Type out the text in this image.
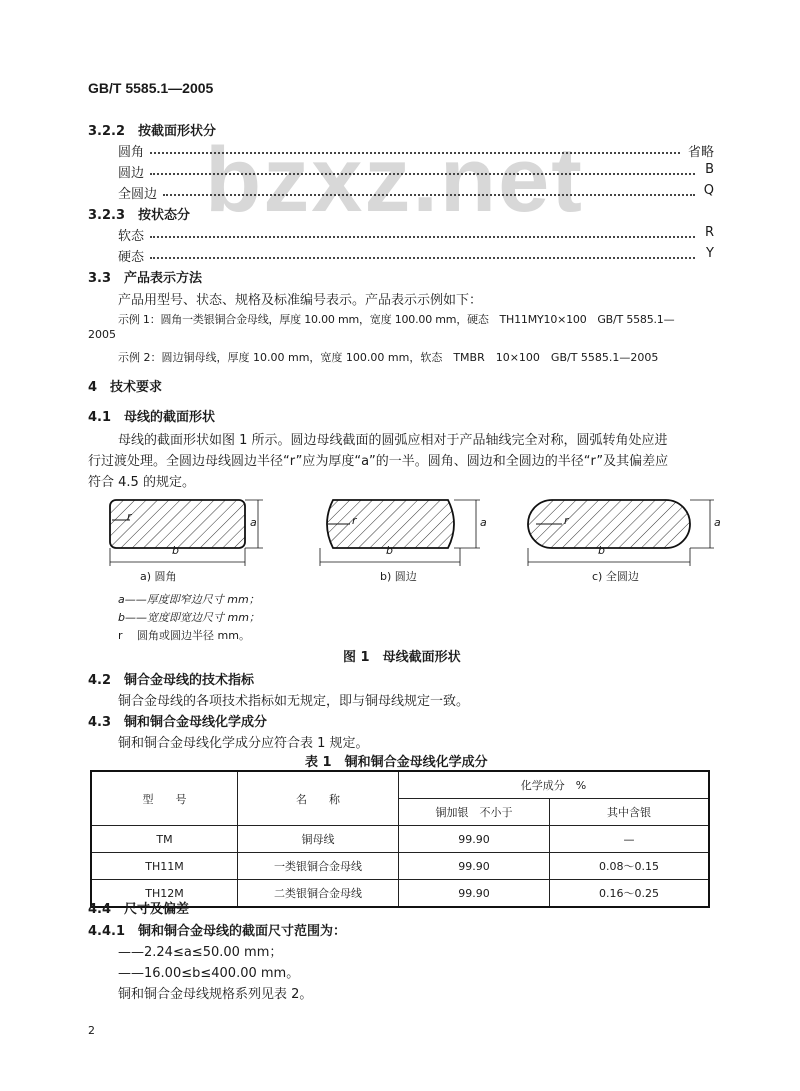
bzxz.net
GB/T 5585.1—2005
3.2.2　按截面形状分
圆角	省略
圆边	B
全圆边	Q
3.2.3　按状态分
软态	R
硬态	Y
3.3　产品表示方法
产品用型号、状态、规格及标准编号表示。产品表示示例如下：
示例 1：圆角一类银铜合金母线，厚度 10.00 mm，宽度 100.00 mm，硬态　TH11MY10×100　GB/T 5585.1—
2005
示例 2：圆边铜母线，厚度 10.00 mm，宽度 100.00 mm，软态　TMBR　10×100　GB/T 5585.1—2005
4　技术要求
4.1　母线的截面形状
母线的截面形状如图 1 所示。圆边母线截面的圆弧应相对于产品轴线完全对称，圆弧转角处应进
行过渡处理。全圆边母线圆边半径“r”应为厚度“a”的一半。圆角、圆边和全圆边的半径“r”及其偏差应
符合 4.5 的规定。
r	a
b
r	a
b
r	a
b
a) 圆角	b) 圆边	c) 全圆边
a——厚度即窄边尺寸 mm；
b——宽度即宽边尺寸 mm；
r　 圆角或圆边半径 mm。
图 1　母线截面形状
4.2　铜合金母线的技术指标
铜合金母线的各项技术指标如无规定，即与铜母线规定一致。
4.3　铜和铜合金母线化学成分
铜和铜合金母线化学成分应符合表 1 规定。
表 1　铜和铜合金母线化学成分
型　　号	名　　称	化学成分　%	
		铜加银　不小于	其中含银
TM	铜母线	99.90	—
TH11M	一类银铜合金母线	99.90	0.08～0.15
TH12M	二类银铜合金母线	99.90	0.16～0.25
4.4　尺寸及偏差
4.4.1　铜和铜合金母线的截面尺寸范围为：
——2.24≤a≤50.00 mm；
——16.00≤b≤400.00 mm。
铜和铜合金母线规格系列见表 2。
2
